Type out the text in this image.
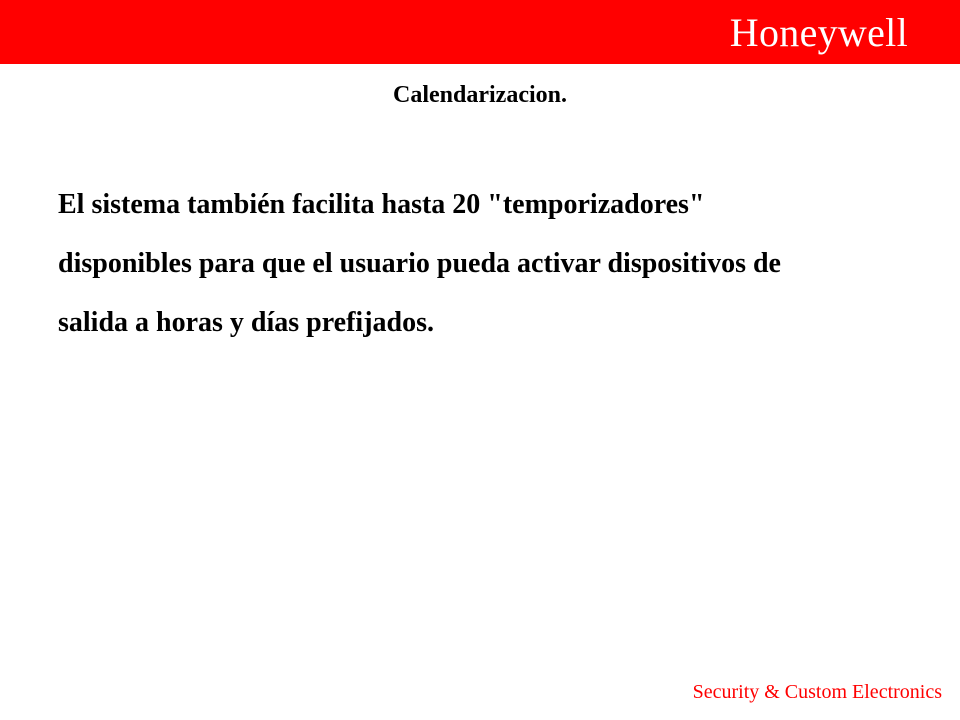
Honeywell
Calendarizacion.
El sistema también facilita hasta 20 "temporizadores"
disponibles para que el usuario pueda activar dispositivos de
salida a horas y días prefijados.
Security & Custom Electronics
